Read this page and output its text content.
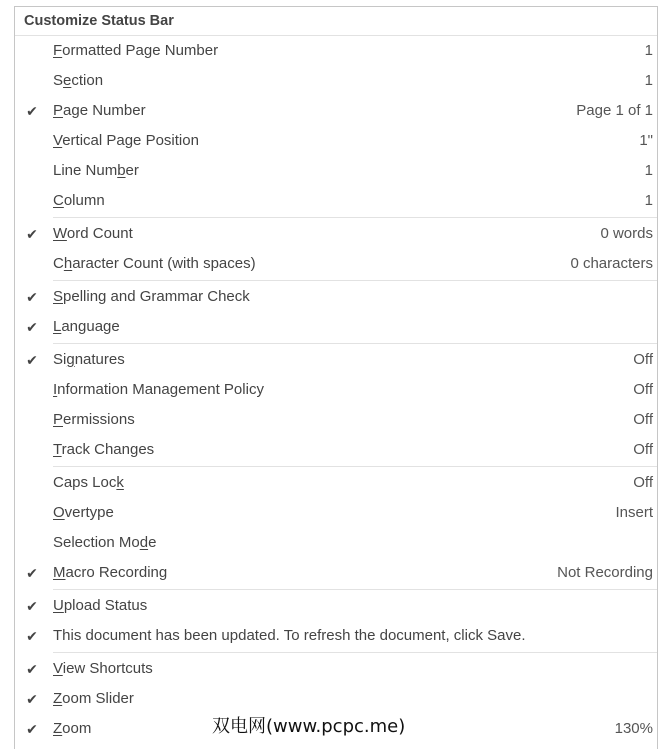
Customize Status Bar
Formatted Page Number	1
Section	1
✔ Page Number	Page 1 of 1
Vertical Page Position	1"
Line Number	1
Column	1
✔ Word Count	0 words
Character Count (with spaces)	0 characters
✔ Spelling and Grammar Check
✔ Language
✔ Signatures	Off
Information Management Policy	Off
Permissions	Off
Track Changes	Off
Caps Lock	Off
Overtype	Insert
Selection Mode
✔ Macro Recording	Not Recording
✔ Upload Status
✔ This document has been updated. To refresh the document, click Save.
✔ View Shortcuts
✔ Zoom Slider
✔ Zoom	130%
双电网(www.pcpc.me)
